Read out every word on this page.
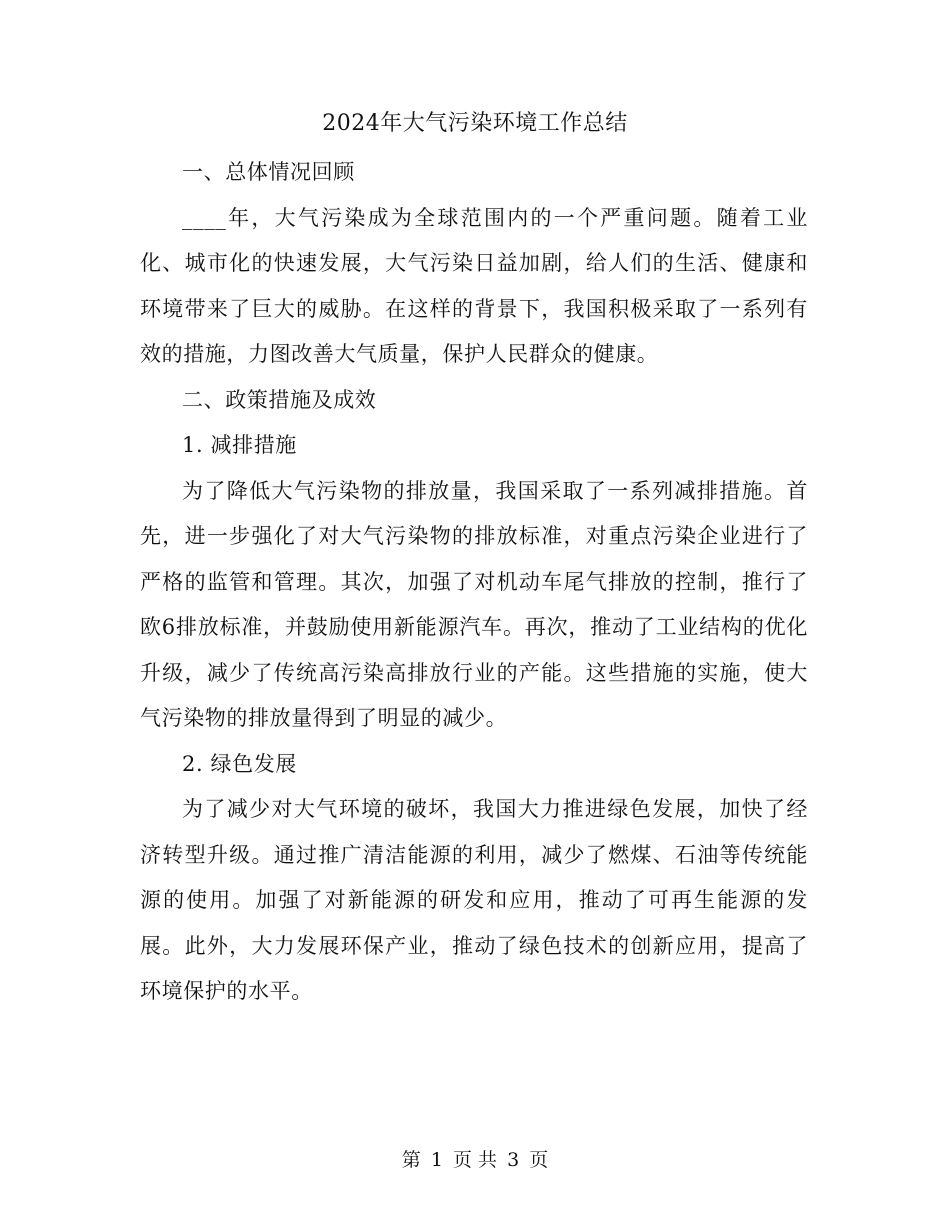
2024年大气污染环境工作总结

一、总体情况回顾

____年，大气污染成为全球范围内的一个严重问题。随着工业化、城市化的快速发展，大气污染日益加剧，给人们的生活、健康和环境带来了巨大的威胁。在这样的背景下，我国积极采取了一系列有效的措施，力图改善大气质量，保护人民群众的健康。

二、政策措施及成效

1. 减排措施

为了降低大气污染物的排放量，我国采取了一系列减排措施。首先，进一步强化了对大气污染物的排放标准，对重点污染企业进行了严格的监管和管理。其次，加强了对机动车尾气排放的控制，推行了欧6排放标准，并鼓励使用新能源汽车。再次，推动了工业结构的优化升级，减少了传统高污染高排放行业的产能。这些措施的实施，使大气污染物的排放量得到了明显的减少。

2. 绿色发展

为了减少对大气环境的破坏，我国大力推进绿色发展，加快了经济转型升级。通过推广清洁能源的利用，减少了燃煤、石油等传统能源的使用。加强了对新能源的研发和应用，推动了可再生能源的发展。此外，大力发展环保产业，推动了绿色技术的创新应用，提高了环境保护的水平。

第 1 页 共 3 页
